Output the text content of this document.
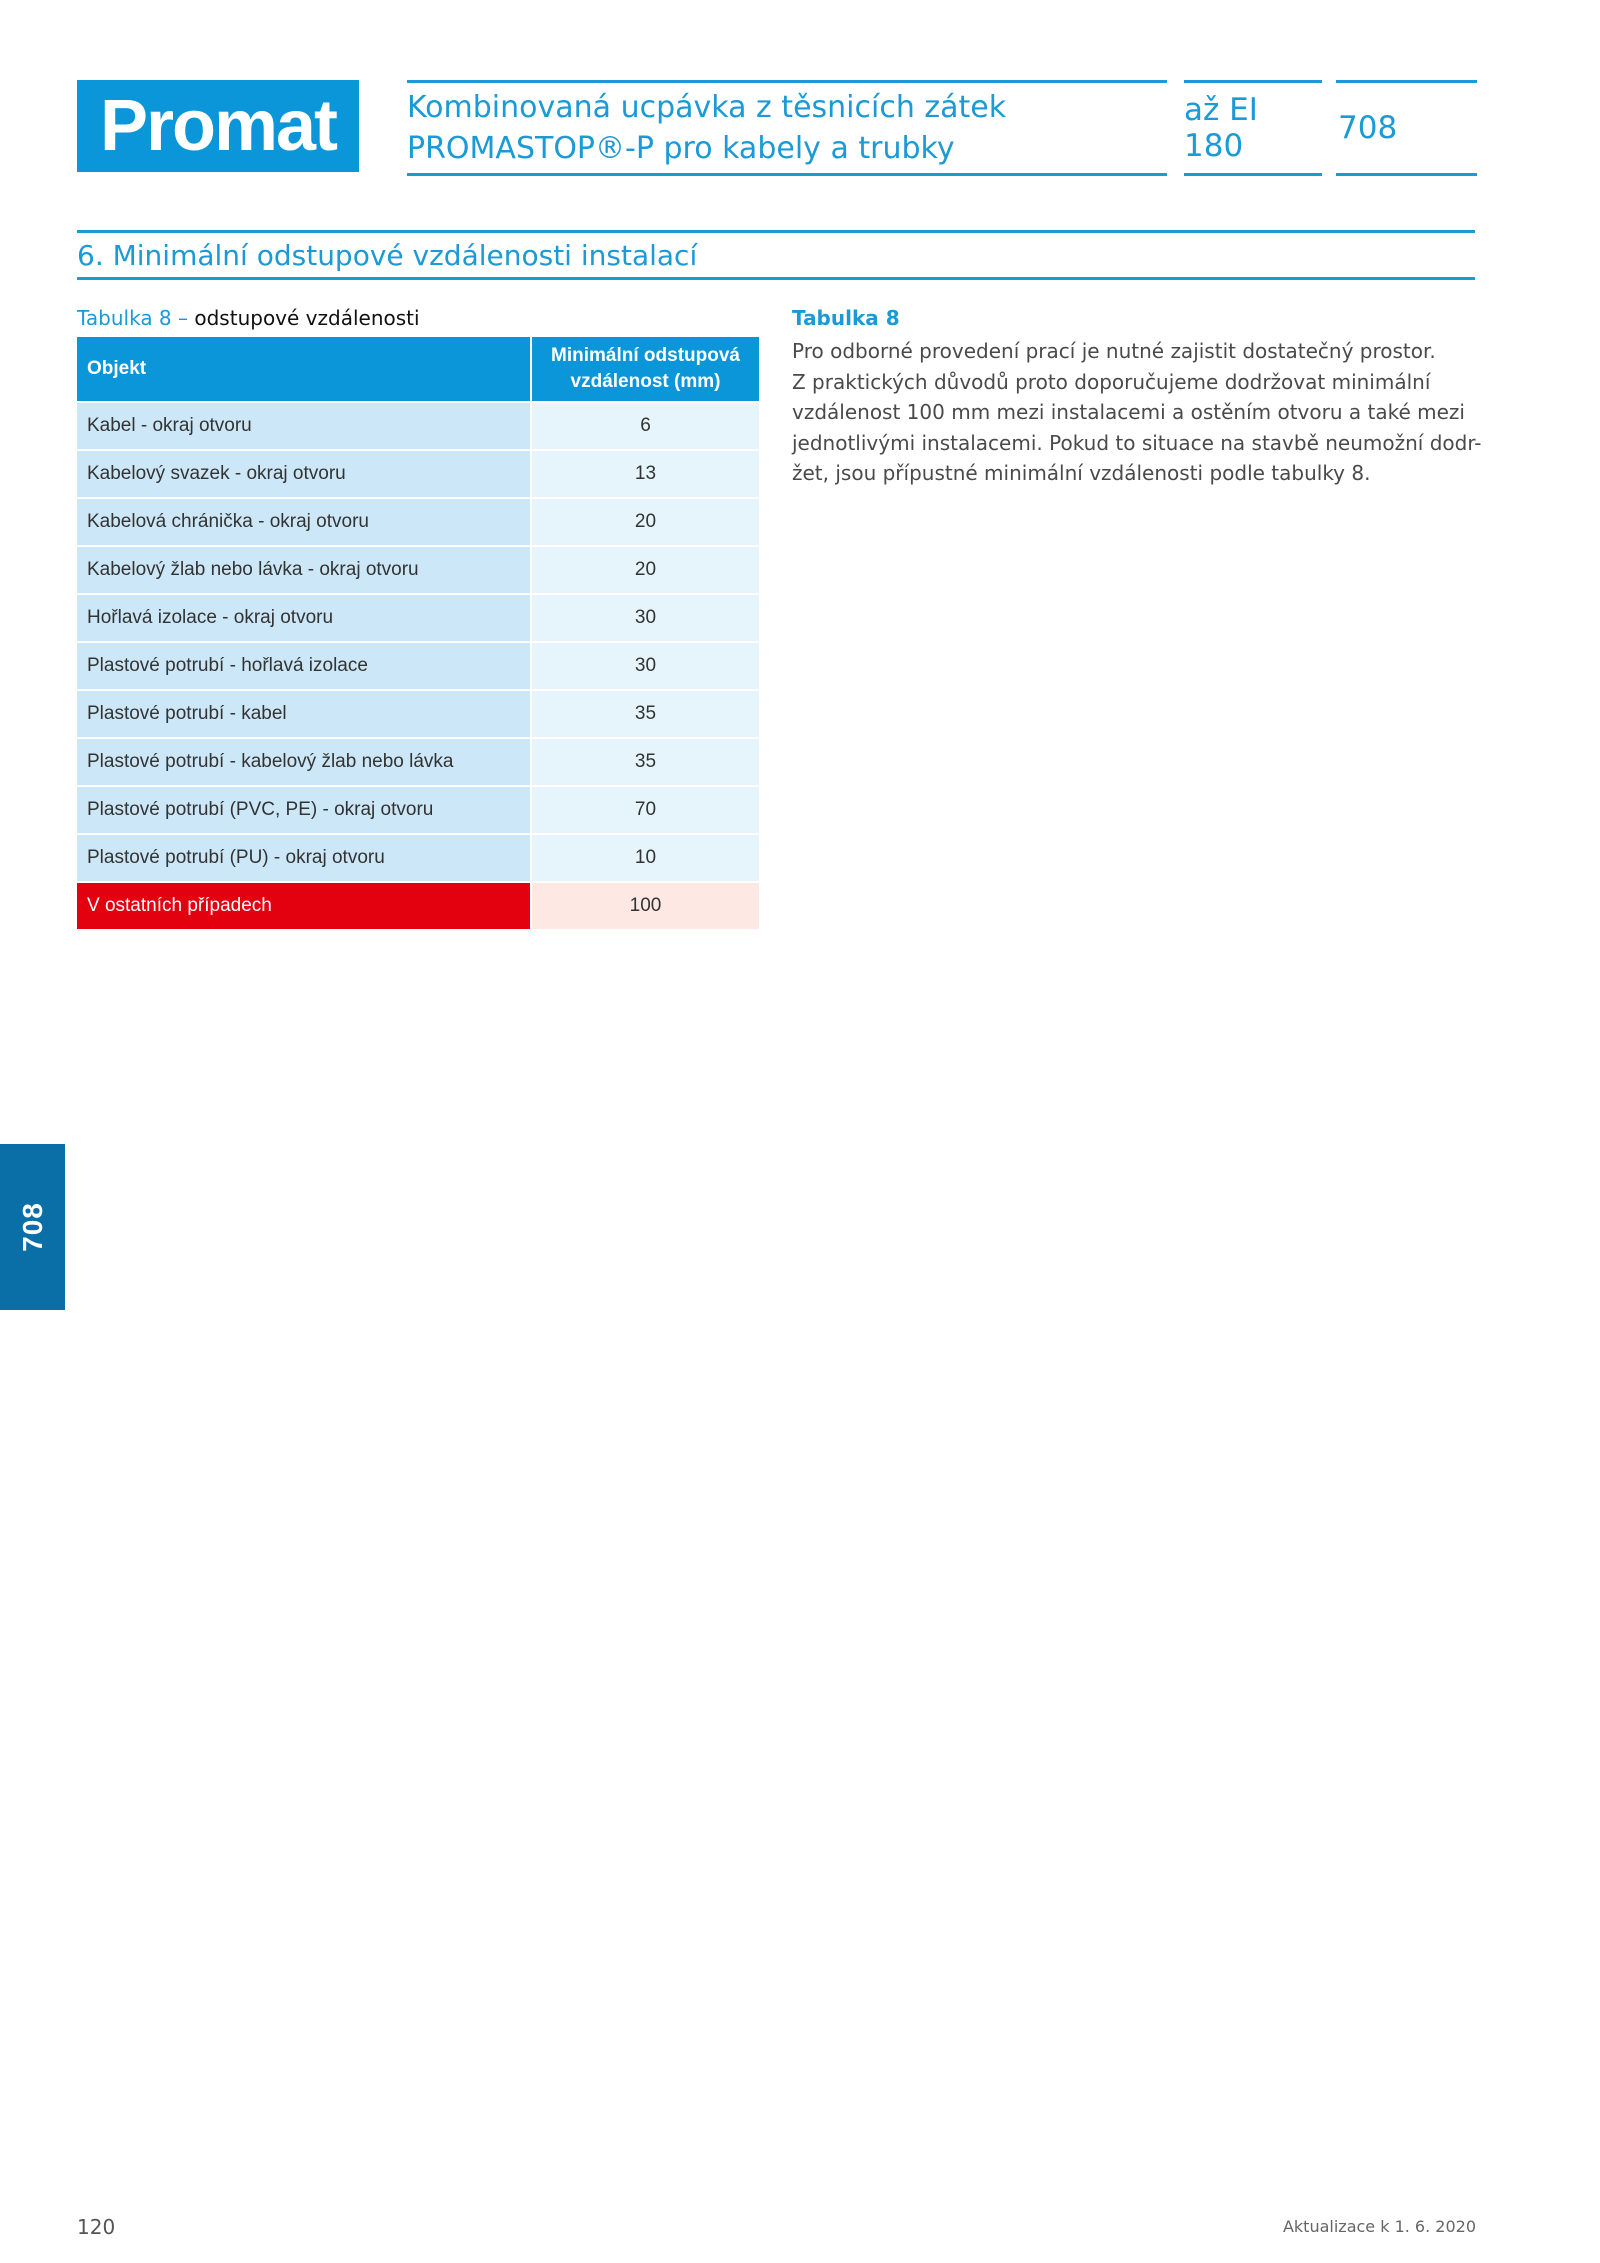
Promat	Kombinovaná ucpávka z těsnicích zátek
PROMASTOP®-P pro kabely a trubky
až EI 180	708
6. Minimální odstupové vzdálenosti instalací
Tabulka 8 – odstupové vzdálenosti
Objekt	Minimální odstupová
vzdálenost (mm)

Kabel - okraj otvoru	6
Kabelový svazek - okraj otvoru	13
Kabelová chránička - okraj otvoru	20
Kabelový žlab nebo lávka - okraj otvoru	20
Hořlavá izolace - okraj otvoru	30
Plastové potrubí - hořlavá izolace	30
Plastové potrubí - kabel	35
Plastové potrubí - kabelový žlab nebo lávka	35
Plastové potrubí (PVC, PE) - okraj otvoru	70
Plastové potrubí (PU) - okraj otvoru	10
V ostatních případech	100
Tabulka 8
Pro odborné provedení prací je nutné zajistit dostatečný prostor.
Z praktických důvodů proto doporučujeme dodržovat minimální
vzdálenost 100 mm mezi instalacemi a ostěním otvoru a také mezi
jednotlivými instalacemi. Pokud to situace na stavbě neumožní dodr-
žet, jsou přípustné minimální vzdálenosti podle tabulky 8.
708
120	Aktualizace k 1. 6. 2020
